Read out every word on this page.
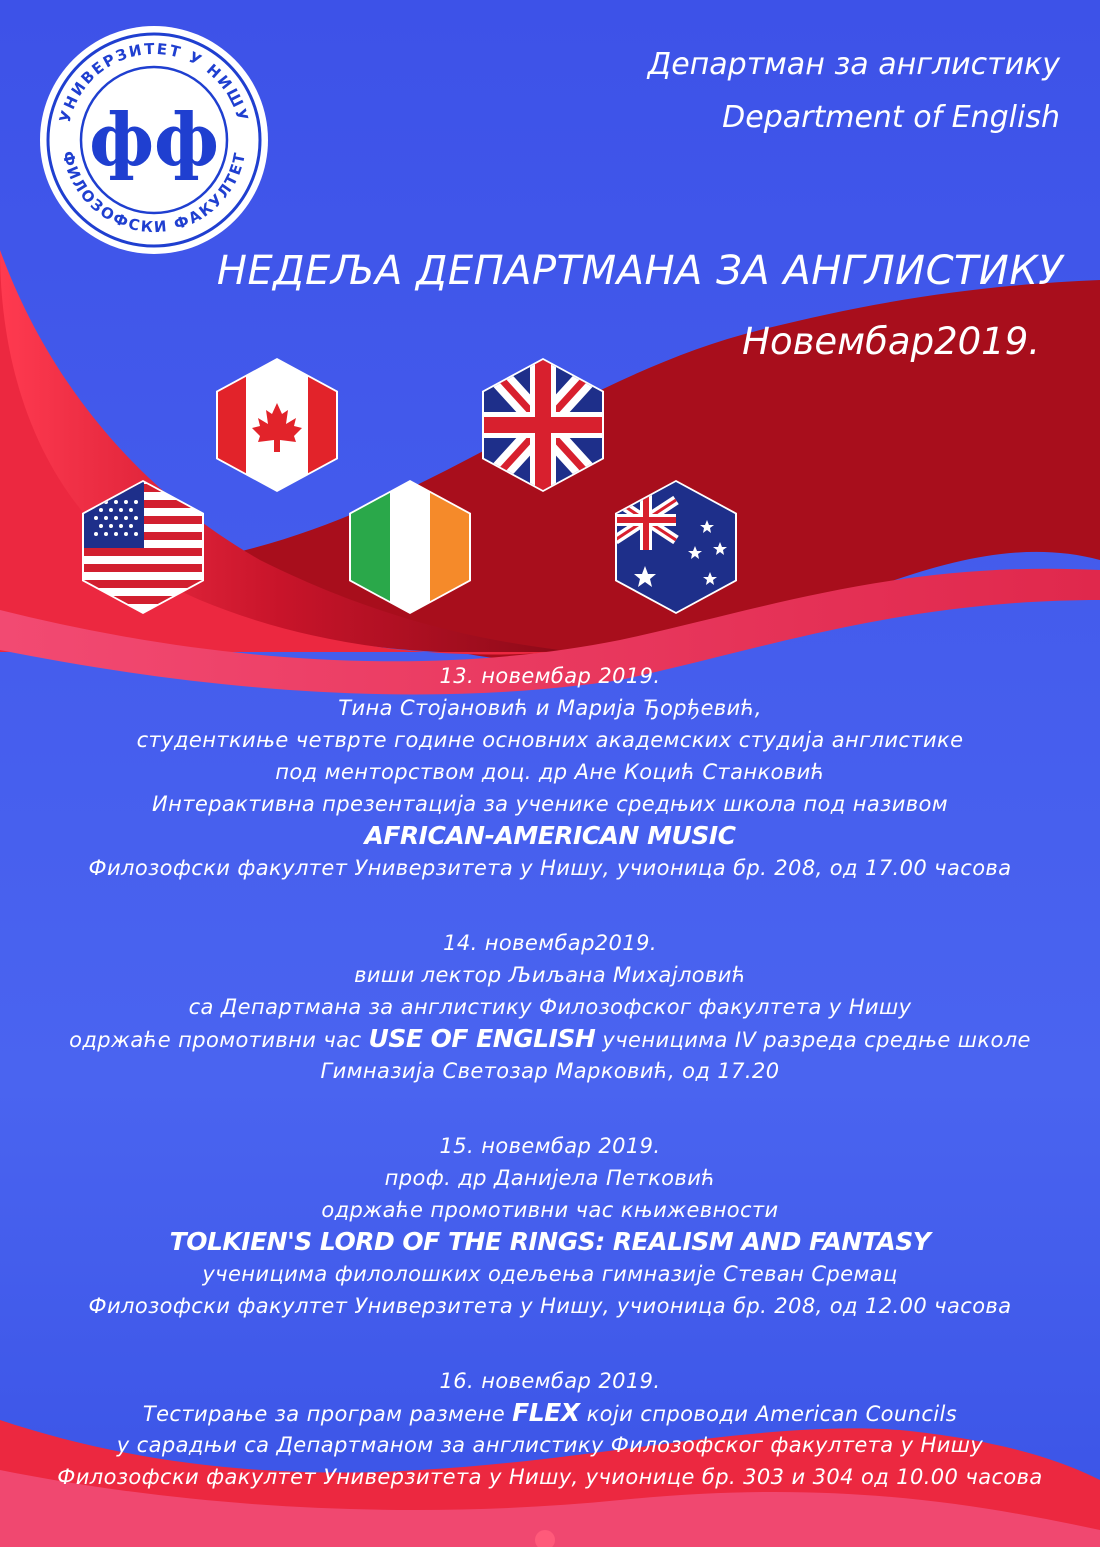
УНИВЕРЗИТЕТ У НИШУ
ФИЛОЗОФСКИ ФАКУЛТЕТ
фф
Департман за англистику
Department of English
НЕДЕЉА ДЕПАРТМАНА ЗА АНГЛИСТИКУ
Новембар2019.
13. новембар 2019.
Тина Стојановић и Марија Ђорђевић,
студенткиње четврте године основних академских студија англистике
под менторством доц. др Ане Коцић Станковић
Интерактивна презентација за ученике средњих школа под називом
AFRICAN-AMERICAN MUSIC
Филозофски факултет Универзитета у Нишу, учионица бр. 208, од 17.00 часова
14. новембар2019.
виши лектор Љиљана Михајловић
са Департмана за англистику Филозофског факултета у Нишу
одржаће промотивни час USE OF ENGLISH ученицима IV разреда средње школе
Гимназија Светозар Марковић, од 17.20
15. новембар 2019.
проф. др Данијела Петковић
одржаће промотивни час књижевности
TOLKIEN'S LORD OF THE RINGS: REALISM AND FANTASY
ученицима филолошких одељења гимназије Стеван Сремац
Филозофски факултет Универзитета у Нишу, учионица бр. 208, од 12.00 часова
16. новембар 2019.
Тестирање за програм размене FLEX који спроводи American Councils
у сарадњи са Департманом за англистику Филозофског факултета у Нишу
Филозофски факултет Универзитета у Нишу, учионице бр. 303 и 304 од 10.00 часова
